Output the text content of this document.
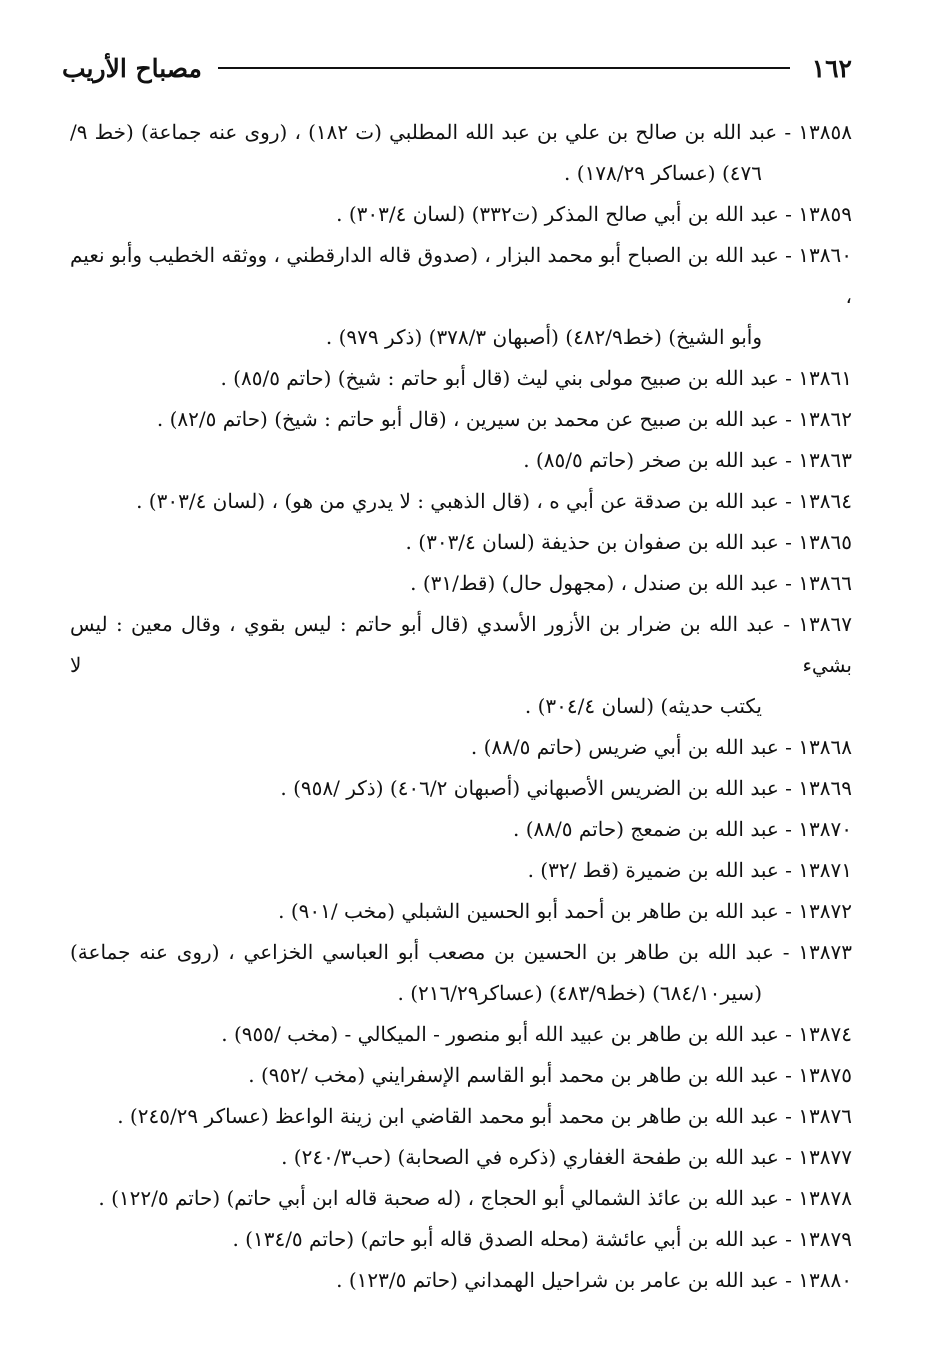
١٦٢
مصباح الأريب
١٣٨٥٨ - عبد الله بن صالح بن علي بن عبد الله المطلبي (ت ١٨٢) ، (روى عنه جماعة) (خط ٩/
٤٧٦) (عساكر ١٧٨/٢٩) .
١٣٨٥٩ - عبد الله بن أبي صالح المذكر (ت٣٣٢) (لسان ٣٠٣/٤) .
١٣٨٦٠ - عبد الله بن الصباح أبو محمد البزار ، (صدوق قاله الدارقطني ، ووثقه الخطيب وأبو نعيم ،
وأبو الشيخ) (خط٤٨٢/٩) (أصبهان ٣٧٨/٣) (ذكر ٩٧٩) .
١٣٨٦١ - عبد الله بن صبيح مولى بني ليث (قال أبو حاتم : شيخ) (حاتم ٨٥/٥) .
١٣٨٦٢ - عبد الله بن صبيح عن محمد بن سيرين ، (قال أبو حاتم : شيخ) (حاتم ٨٢/٥) .
١٣٨٦٣ - عبد الله بن صخر (حاتم ٨٥/٥) .
١٣٨٦٤ - عبد الله بن صدقة عن أبي ه ، (قال الذهبي : لا يدري من هو) ، (لسان ٣٠٣/٤) .
١٣٨٦٥ - عبد الله بن صفوان بن حذيفة (لسان ٣٠٣/٤) .
١٣٨٦٦ - عبد الله بن صندل ، (مجهول حال) (قط/٣١) .
١٣٨٦٧ - عبد الله بن ضرار بن الأزور الأسدي (قال أبو حاتم : ليس بقوي ، وقال معين : ليس بشيء لا
يكتب حديثه) (لسان ٣٠٤/٤) .
١٣٨٦٨ - عبد الله بن أبي ضريس (حاتم ٨٨/٥) .
١٣٨٦٩ - عبد الله بن الضريس الأصبهاني (أصبهان ٤٠٦/٢) (ذكر /٩٥٨) .
١٣٨٧٠ - عبد الله بن ضمعج (حاتم ٨٨/٥) .
١٣٨٧١ - عبد الله بن ضميرة (قط /٣٢) .
١٣٨٧٢ - عبد الله بن طاهر بن أحمد أبو الحسين الشبلي (مخب /٩٠١) .
١٣٨٧٣ - عبد الله بن طاهر بن الحسين بن مصعب أبو العباسي الخزاعي ، (روى عنه جماعة)
(سير٦٨٤/١٠) (خط٤٨٣/٩) (عساكر٢١٦/٢٩) .
١٣٨٧٤ - عبد الله بن طاهر بن عبيد الله أبو منصور - الميكالي - (مخب /٩٥٥) .
١٣٨٧٥ - عبد الله بن طاهر بن محمد أبو القاسم الإسفرايني (مخب /٩٥٢) .
١٣٨٧٦ - عبد الله بن طاهر بن محمد أبو محمد القاضي ابن زينة الواعظ (عساكر ٢٤٥/٢٩) .
١٣٨٧٧ - عبد الله بن طفحة الغفاري (ذكره في الصحابة) (حب٢٤٠/٣) .
١٣٨٧٨ - عبد الله بن عائذ الشمالي أبو الحجاج ، (له صحبة قاله ابن أبي حاتم) (حاتم ١٢٢/٥) .
١٣٨٧٩ - عبد الله بن أبي عائشة (محله الصدق قاله أبو حاتم) (حاتم ١٣٤/٥) .
١٣٨٨٠ - عبد الله بن عامر بن شراحيل الهمداني (حاتم ١٢٣/٥) .
